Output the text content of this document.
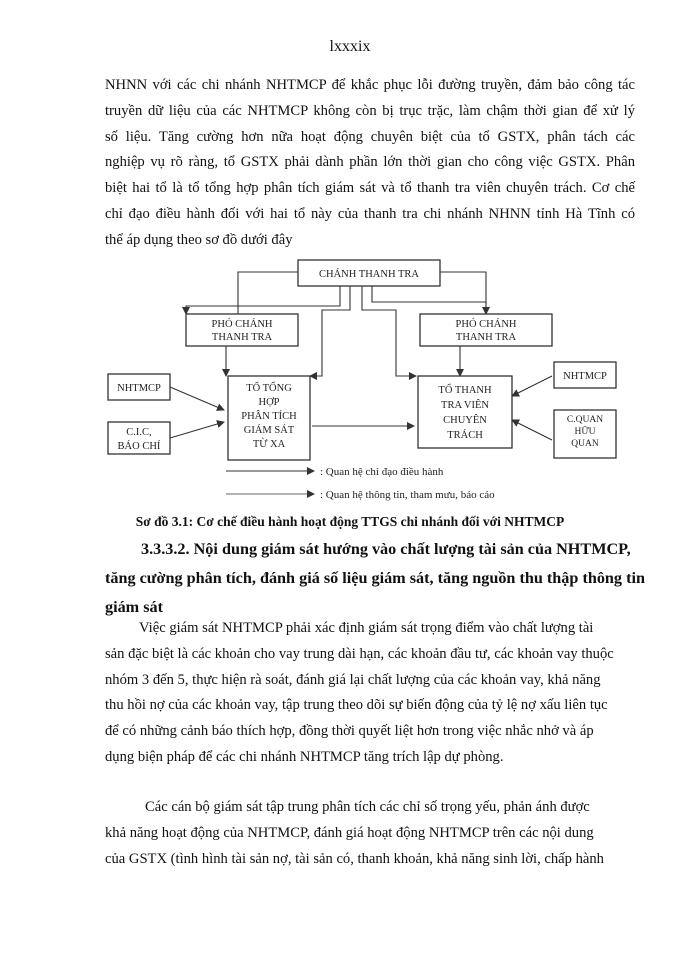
lxxxix
NHNN với các chi nhánh NHTMCP để khắc phục lỗi đường truyền, đảm bảo công tác
truyền dữ liệu của các NHTMCP không còn bị trục trặc, làm chậm thời gian để xử lý
số liệu. Tăng cường hơn nữa hoạt động chuyên biệt của tổ GSTX, phân tách các
nghiệp vụ rõ ràng, tổ GSTX phải dành phần lớn thời gian cho công việc GSTX. Phân
biệt hai tổ là tổ tổng hợp phân tích giám sát và tổ thanh tra viên chuyên trách. Cơ chế
chỉ đạo điều hành đối với hai tổ này của thanh tra chi nhánh NHNN tỉnh Hà Tĩnh có
thể áp dụng theo sơ đồ dưới đây
CHÁNH THANH TRA
PHÓ CHÁNH
THANH TRA
PHÓ CHÁNH
THANH TRA
TỔ TỔNG
HỢP
PHÂN TÍCH
GIÁM SÁT
TỪ XA
TỔ THANH
TRA VIÊN
CHUYÊN
TRÁCH
NHTMCP
C.I.C,
BÁO CHÍ
NHTMCP
C.QUAN
HỮU
QUAN
: Quan hệ chỉ đạo điều hành
: Quan hệ thông tin, tham mưu, báo cáo
Sơ đồ 3.1: Cơ chế điều hành hoạt động TTGS chi nhánh đối với NHTMCP
3.3.3.2. Nội dung giám sát hướng vào chất lượng tài sản của NHTMCP,
tăng cường phân tích, đánh giá số liệu giám sát, tăng nguồn thu thập thông tin
giám sát
Việc giám sát NHTMCP phải xác định giám sát trọng điểm vào chất lượng tài
sản đặc biệt là các khoản cho vay trung dài hạn, các khoản đầu tư, các khoản vay thuộc
nhóm 3 đến 5, thực hiện rà soát, đánh giá lại chất lượng của các khoản vay, khả năng
thu hồi nợ của các khoản vay, tập trung theo dõi sự biến động của tỷ lệ nợ xấu liên tục
để có những cảnh báo thích hợp, đồng thời quyết liệt hơn trong việc nhắc nhở và áp
dụng biện pháp để các chi nhánh NHTMCP tăng trích lập dự phòng.
Các cán bộ giám sát tập trung phân tích các chỉ số trọng yếu, phản ánh được
khả năng hoạt động của NHTMCP, đánh giá hoạt động NHTMCP trên các nội dung
của GSTX (tình hình tài sản nợ, tài sản có, thanh khoản, khả năng sinh lời, chấp hành
